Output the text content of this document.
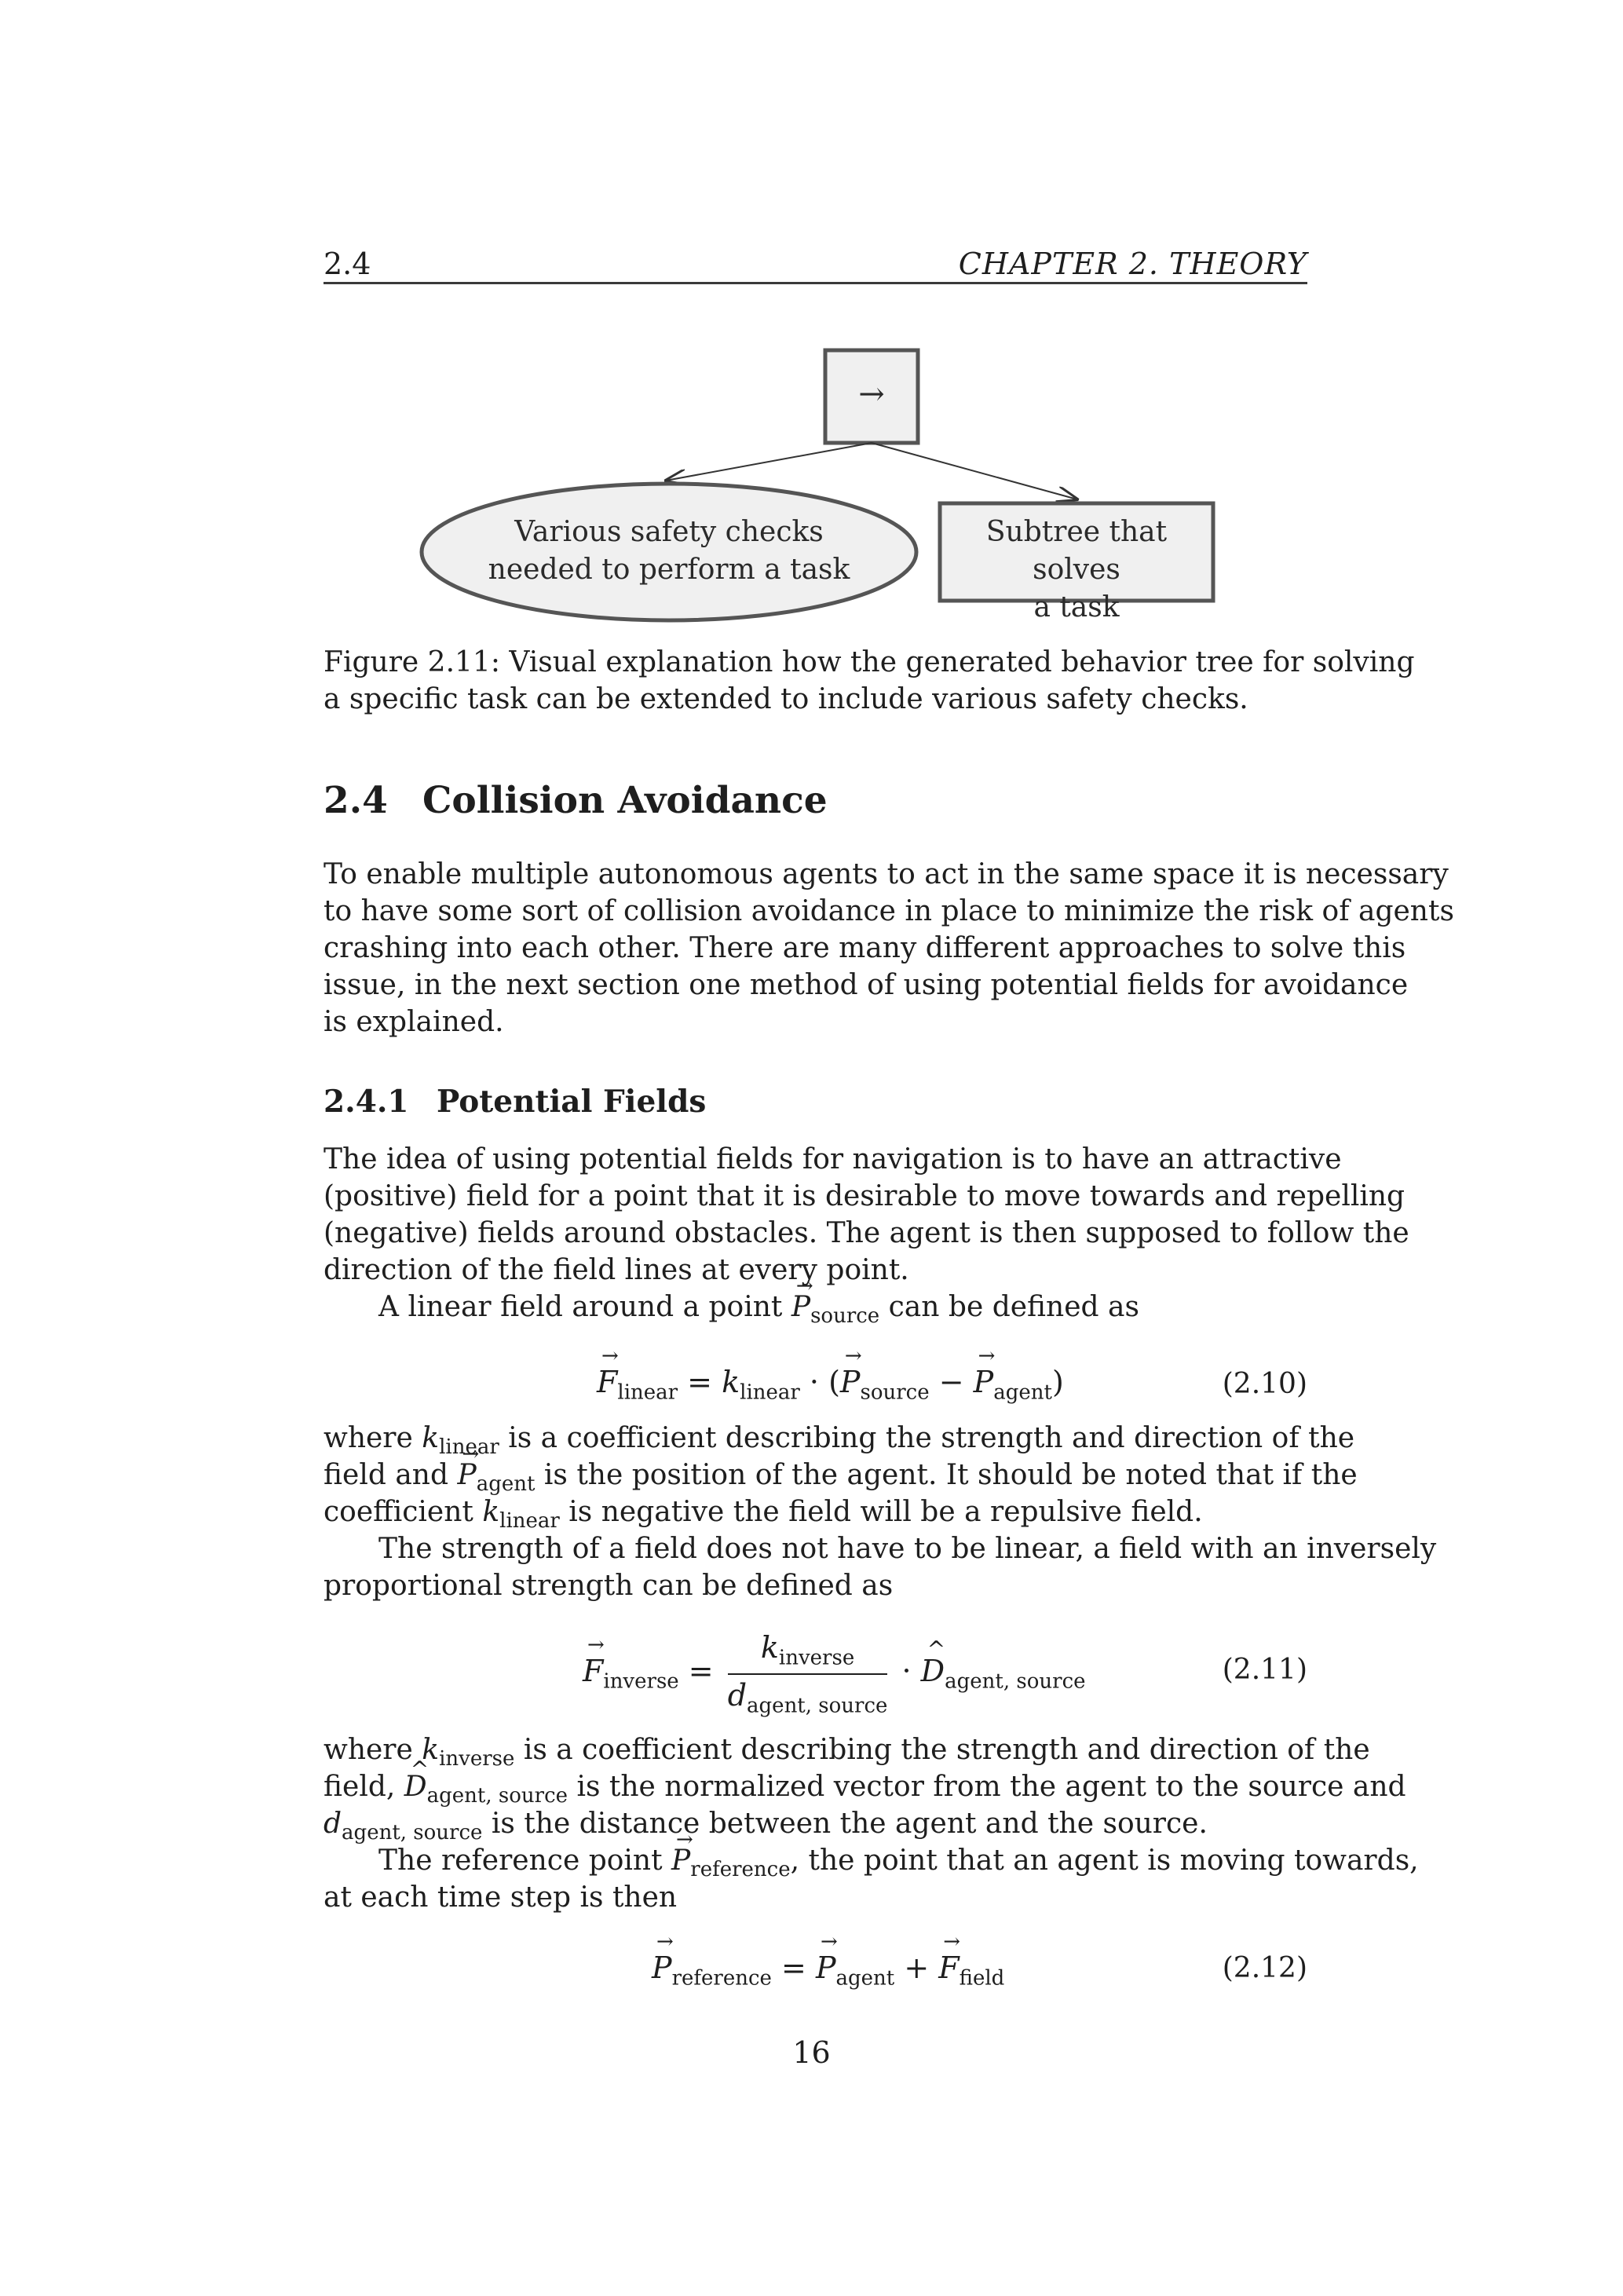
2.4	CHAPTER 2. THEORY
→
Various safety checks
needed to perform a task
Subtree that solves
a task
Figure 2.11: Visual explanation how the generated behavior tree for solving
a specific task can be extended to include various safety checks.
2.4 Collision Avoidance
To enable multiple autonomous agents to act in the same space it is necessary
to have some sort of collision avoidance in place to minimize the risk of agents
crashing into each other. There are many different approaches to solve this
issue, in the next section one method of using potential fields for avoidance
is explained.
2.4.1 Potential Fields
The idea of using potential fields for navigation is to have an attractive
(positive) field for a point that it is desirable to move towards and repelling
(negative) fields around obstacles. The agent is then supposed to follow the
direction of the field lines at every point.
A linear field around a point → $P_{source}$ can be defined as
→ $F_{linear} = k_{linear}$ · (→ $P_{source}$ − → $P_{agent}$)	(2.10)
where $k_{linear}$ is a coefficient describing the strength and direction of the
field and → $P_{agent}$ is the position of the agent. It should be noted that if the
coefficient $k_{linear}$ is negative the field will be a repulsive field.
The strength of a field does not have to be linear, a field with an inversely
proportional strength can be defined as
→ $F_{inverse} = \frac{k_{inverse}}{d_{agent, source}}$ · ^ $D_{agent, source}$	(2.11)
where $k_{inverse}$ is a coefficient describing the strength and direction of the
field, ^ $D_{agent, source}$ is the normalized vector from the agent to the source and
$d_{agent, source}$ is the distance between the agent and the source.
The reference point → $P_{reference}$, the point that an agent is moving towards,
at each time step is then
→ $P_{reference}$ = → $P_{agent}$ + → $F_{field}$	(2.12)
16
